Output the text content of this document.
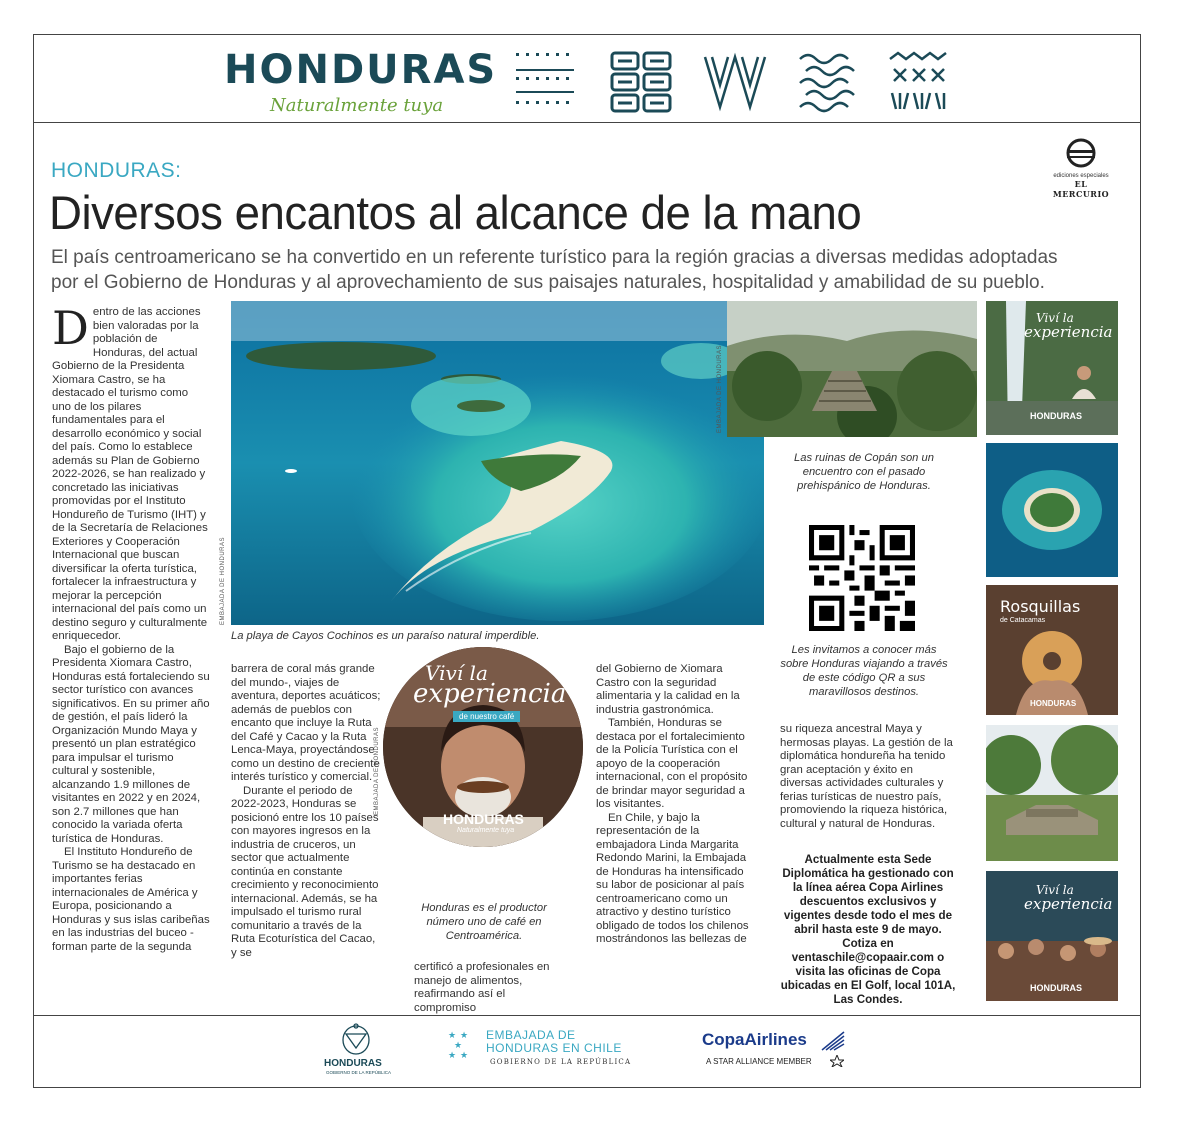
HONDURAS
Naturalmente tuya
ediciones especiales
EL MERCURIO
HONDURAS:
Diversos encantos al alcance de la mano
El país centroamericano se ha convertido en un referente turístico para la región gracias a diversas medidas adoptadas por el Gobierno de Honduras y al aprovechamiento de sus paisajes naturales, hospitalidad y amabilidad de su pueblo.

Dentro de las acciones bien valoradas por la población de Honduras, del actual Gobierno de la Presidenta Xiomara Castro, se ha destacado el turismo como uno de los pilares fundamentales para el desarrollo económico y social del país. Como lo establece además su Plan de Gobierno 2022-2026, se han realizado y concretado las iniciativas promovidas por el Instituto Hondureño de Turismo (IHT) y de la Secretaría de Relaciones Exteriores y Cooperación Internacional que buscan diversificar la oferta turística, fortalecer la infraestructura y mejorar la percepción internacional del país como un destino seguro y culturalmente enriquecedor.

Bajo el gobierno de la Presidenta Xiomara Castro, Honduras está fortaleciendo su sector turístico con avances significativos. En su primer año de gestión, el país lideró la Organización Mundo Maya y presentó un plan estratégico para impulsar el turismo cultural y sostenible, alcanzando 1.9 millones de visitantes en 2022 y en 2024, son 2.7 millones que han conocido la variada oferta turística de Honduras.

El Instituto Hondureño de Turismo se ha destacado en importantes ferias internacionales de América y Europa, posicionando a Honduras y sus islas caribeñas en las industrias del buceo -forman parte de la segunda

EMBAJADA DE HONDURAS
La playa de Cayos Cochinos es un paraíso natural imperdible.
EMBAJADA DE HONDURAS
Las ruinas de Copán son un encuentro con el pasado prehispánico de Honduras.
Les invitamos a conocer más sobre Honduras viajando a través de este código QR a sus maravillosos destinos.

barrera de coral más grande del mundo-, viajes de aventura, deportes acuáticos; además de pueblos con encanto que incluye la Ruta del Café y Cacao y la Ruta Lenca-Maya, proyectándose como un destino de creciente interés turístico y comercial.

Durante el periodo de 2022-2023, Honduras se posicionó entre los 10 países con mayores ingresos en la industria de cruceros, un sector que actualmente continúa en constante crecimiento y reconocimiento internacional. Además, se ha impulsado el turismo rural comunitario a través de la Ruta Ecoturística del Cacao, y se

Viví la
experiencia
de nuestro café
HONDURAS
Naturalmente tuya
EMBAJADA DE HONDURAS
Honduras es el productor número uno de café en Centroamérica.

certificó a profesionales en manejo de alimentos, reafirmando así el compromiso

del Gobierno de Xiomara Castro con la seguridad alimentaria y la calidad en la industria gastronómica.

También, Honduras se destaca por el fortalecimiento de la Policía Turística con el apoyo de la cooperación internacional, con el propósito de brindar mayor seguridad a los visitantes.

En Chile, y bajo la representación de la embajadora Linda Margarita Redondo Marini, la Embajada de Honduras ha intensificado su labor de posicionar al país centroamericano como un atractivo y destino turístico obligado de todos los chilenos mostrándonos las bellezas de

su riqueza ancestral Maya y hermosas playas. La gestión de la diplomática hondureña ha tenido gran aceptación y éxito en diversas actividades culturales y ferias turísticas de nuestro país, promoviendo la riqueza histórica, cultural y natural de Honduras.

Actualmente esta Sede Diplomática ha gestionado con la línea aérea Copa Airlines descuentos exclusivos y vigentes desde todo el mes de abril hasta este 9 de mayo. Cotiza en ventaschile@copaair.com o visita las oficinas de Copa ubicadas en El Golf, local 101A, Las Condes.
Viví la
experiencia
HONDURAS
Rosquillas
de Catacamas
HONDURAS
Viví la
experiencia
HONDURAS
HONDURAS
GOBIERNO DE LA REPÚBLICA
★ ★
★
★ ★
EMBAJADA DE
HONDURAS EN CHILE
GOBIERNO DE LA REPÚBLICA
CopaAirlines
A STAR ALLIANCE MEMBER
